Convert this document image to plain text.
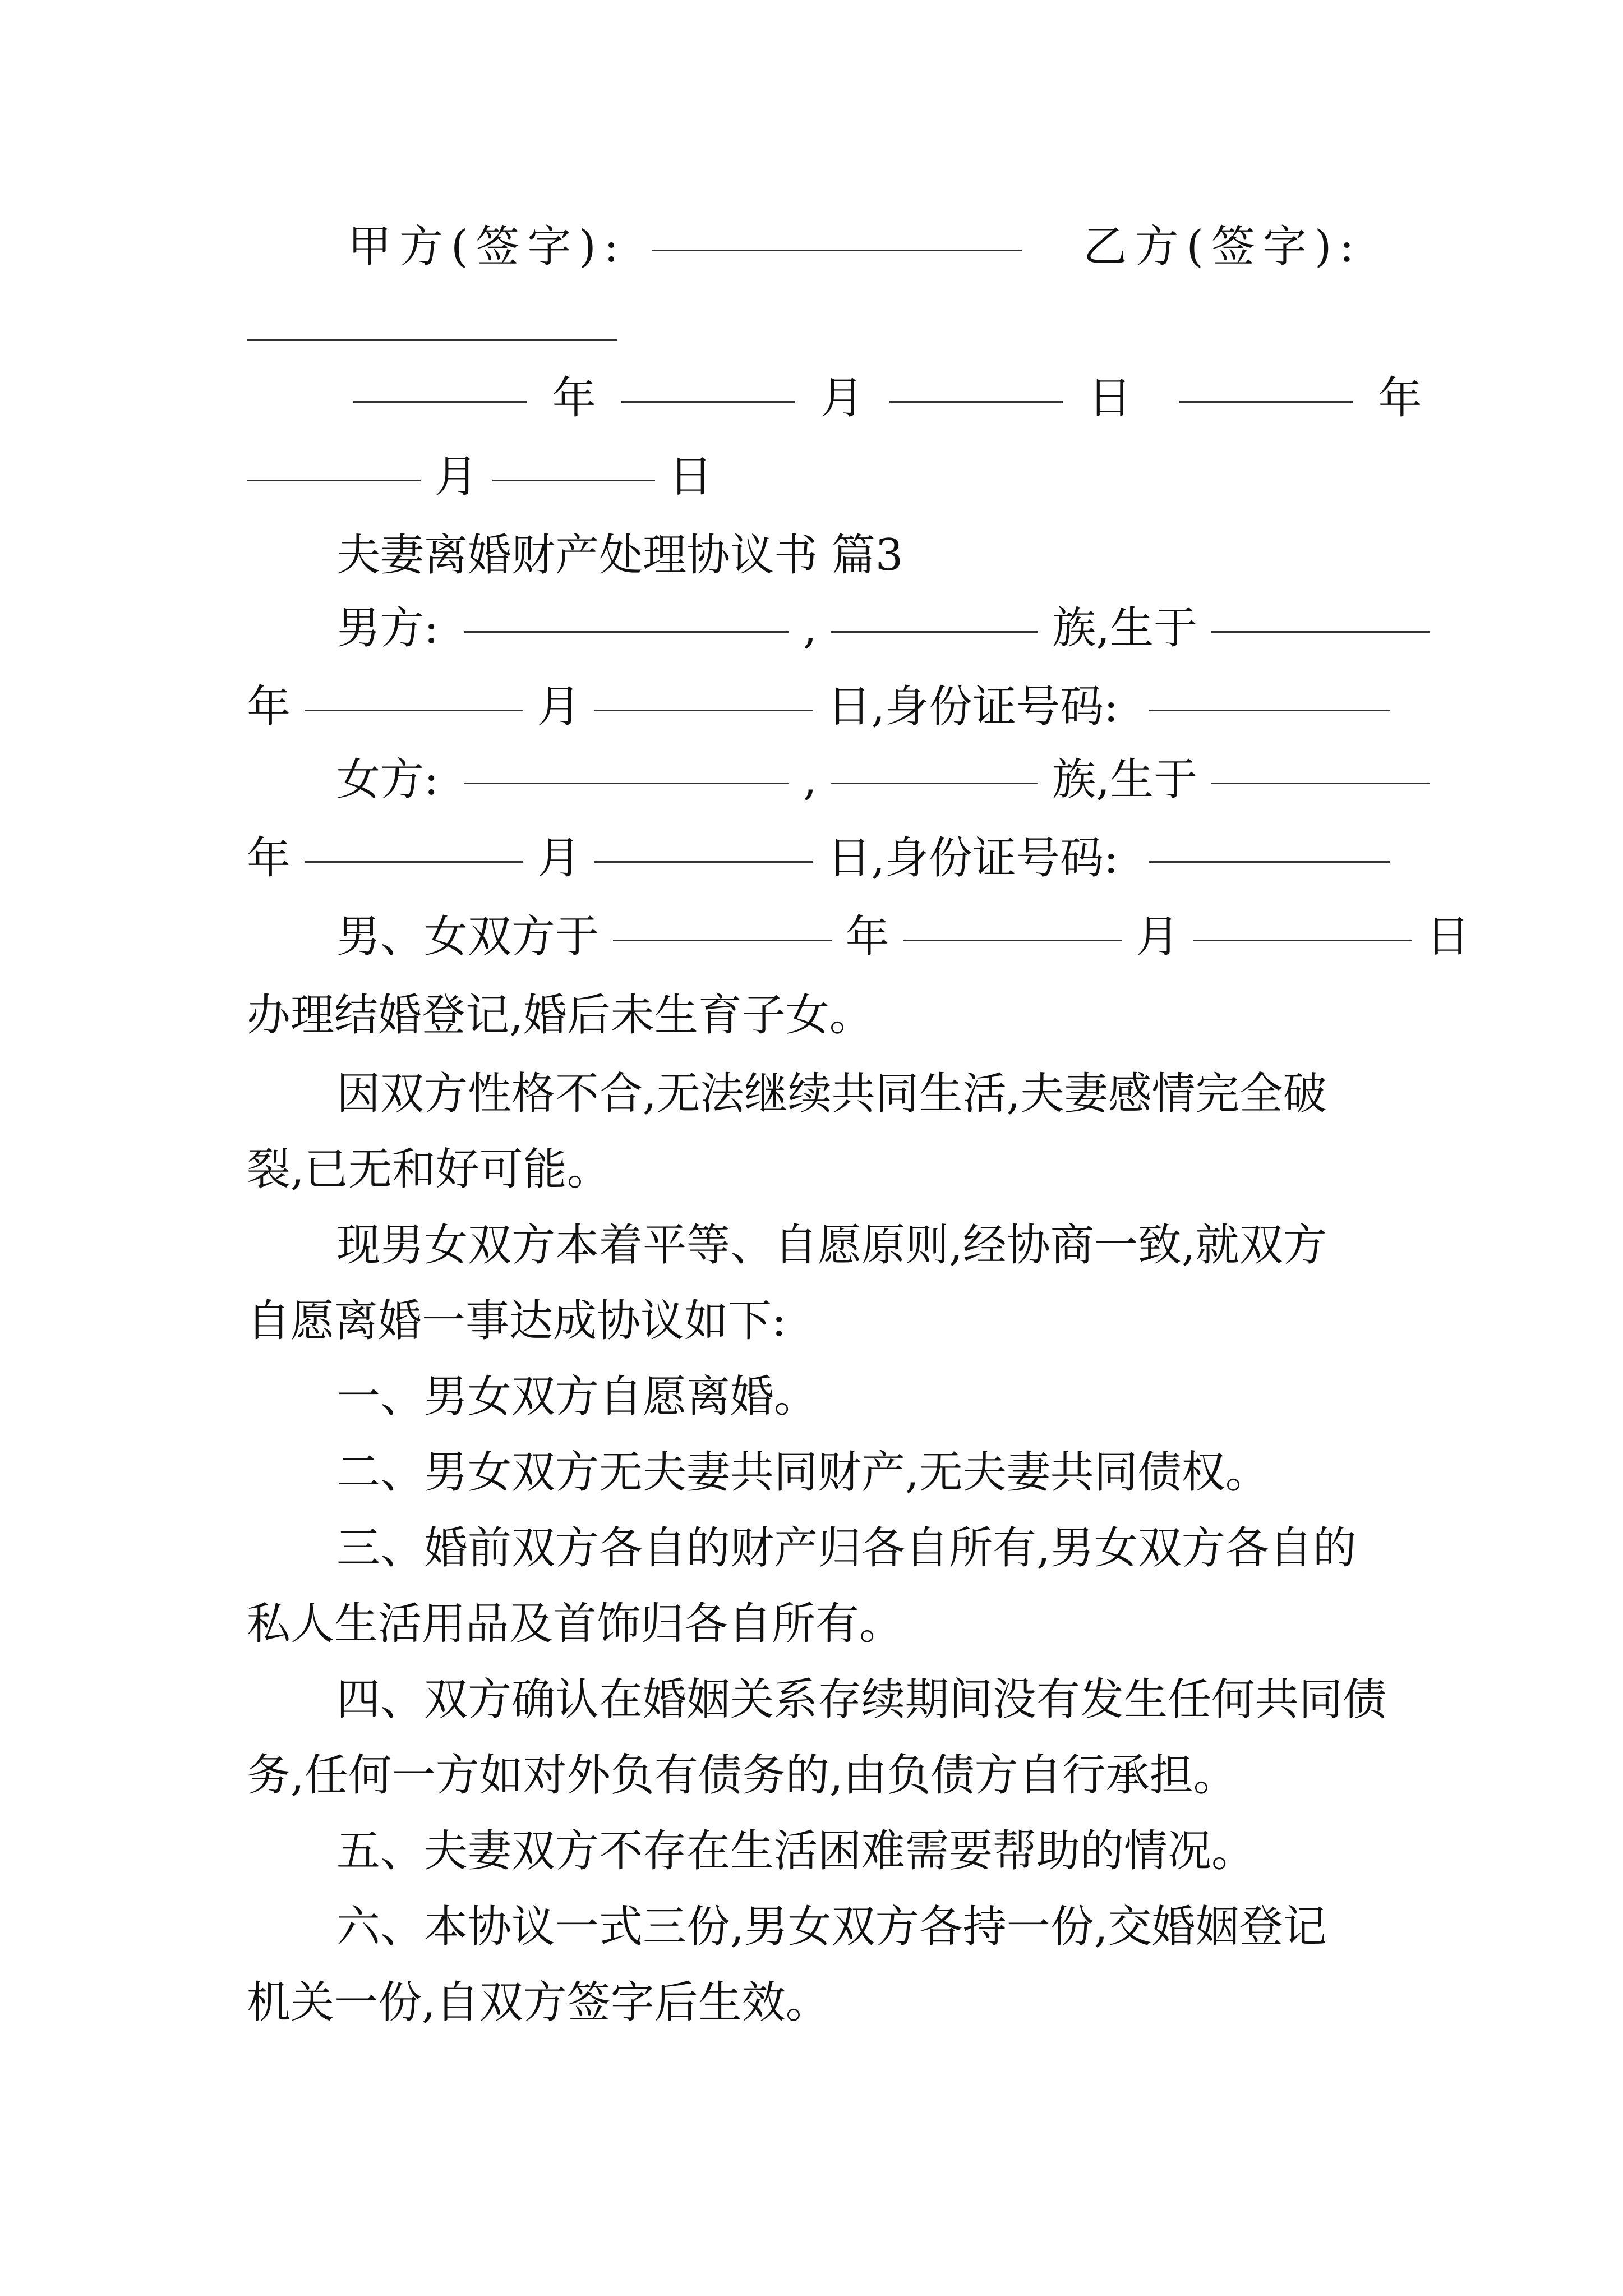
甲方(签字):	乙方(签字):
年	月	日	年
月	日
夫妻离婚财产处理协议书 篇3
男方:	,	族,生于
年	月	日,身份证号码:
女方:	,	族,生于
年	月	日,身份证号码:
男、女双方于	年	月	日
办理结婚登记,婚后未生育子女。
因双方性格不合,无法继续共同生活,夫妻感情完全破
裂,已无和好可能。
现男女双方本着平等、自愿原则,经协商一致,就双方
自愿离婚一事达成协议如下:
一、男女双方自愿离婚。
二、男女双方无夫妻共同财产,无夫妻共同债权。
三、婚前双方各自的财产归各自所有,男女双方各自的
私人生活用品及首饰归各自所有。
四、双方确认在婚姻关系存续期间没有发生任何共同债
务,任何一方如对外负有债务的,由负债方自行承担。
五、夫妻双方不存在生活困难需要帮助的情况。
六、本协议一式三份,男女双方各持一份,交婚姻登记
机关一份,自双方签字后生效。
